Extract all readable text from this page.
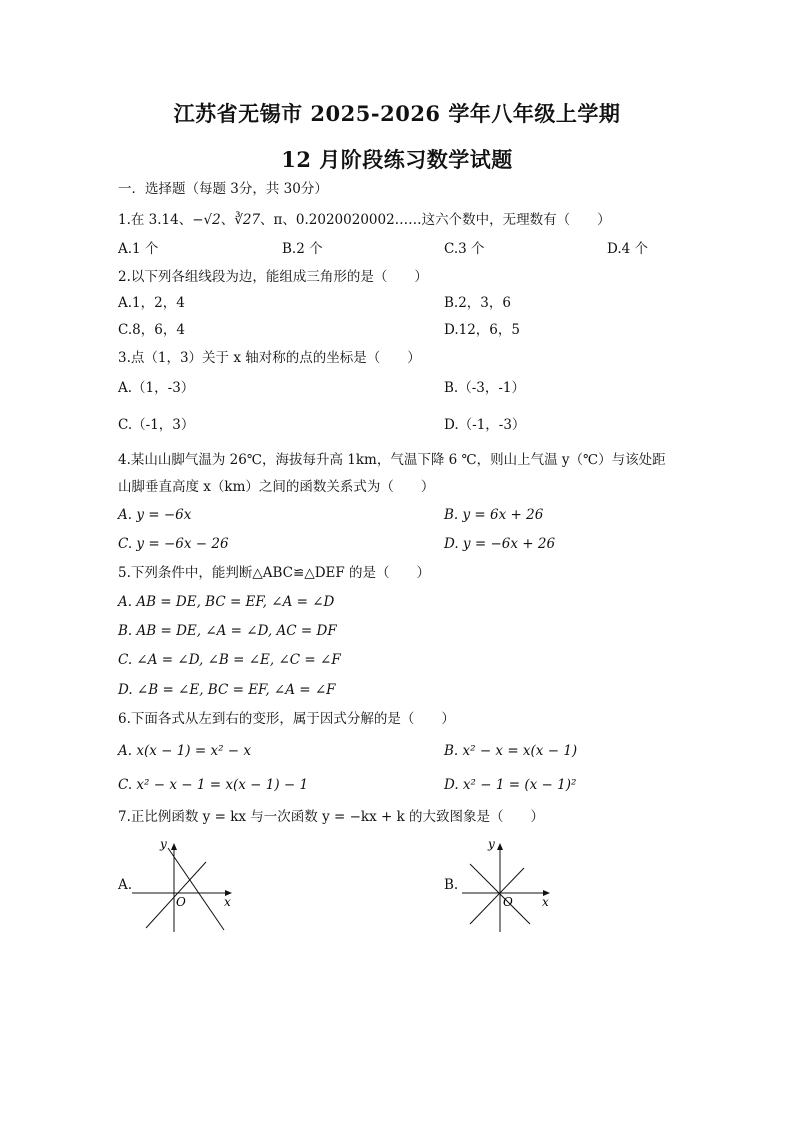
江苏省无锡市 2025-2026 学年八年级上学期
12 月阶段练习数学试题
一．选择题（每题 3分，共 30分）
1.在 3.14、−√2、∛27、π、0.2020020002……这六个数中，无理数有（　　）
A.1 个	B.2 个	C.3 个	D.4 个
2.以下列各组线段为边，能组成三角形的是（　　）
A.1，2，4	B.2，3，6
C.8，6，4	D.12，6，5
3.点（1，3）关于 x 轴对称的点的坐标是（　　）
A.（1，-3）	B.（-3，-1）
C.（-1，3）	D.（-1，-3）
4.某山山脚气温为 26℃，海拔每升高 1km，气温下降 6 ℃，则山上气温 y（℃）与该处距
山脚垂直高度 x（km）之间的函数关系式为（　　）
A. y = −6x	B. y = 6x + 26
C. y = −6x − 26	D. y = −6x + 26
5.下列条件中，能判断△ABC≌△DEF 的是（　　）
A. AB = DE, BC = EF, ∠A = ∠D
B. AB = DE, ∠A = ∠D, AC = DF
C. ∠A = ∠D, ∠B = ∠E, ∠C = ∠F
D. ∠B = ∠E, BC = EF, ∠A = ∠F
6.下面各式从左到右的变形，属于因式分解的是（　　）
A. x(x − 1) = x² − x	B. x² − x = x(x − 1)
C. x² − x − 1 = x(x − 1) − 1	D. x² − 1 = (x − 1)²
7.正比例函数 y = kx 与一次函数 y = −kx + k 的大致图象是（　　）
A.
y
x
O
B.
y
x
O
